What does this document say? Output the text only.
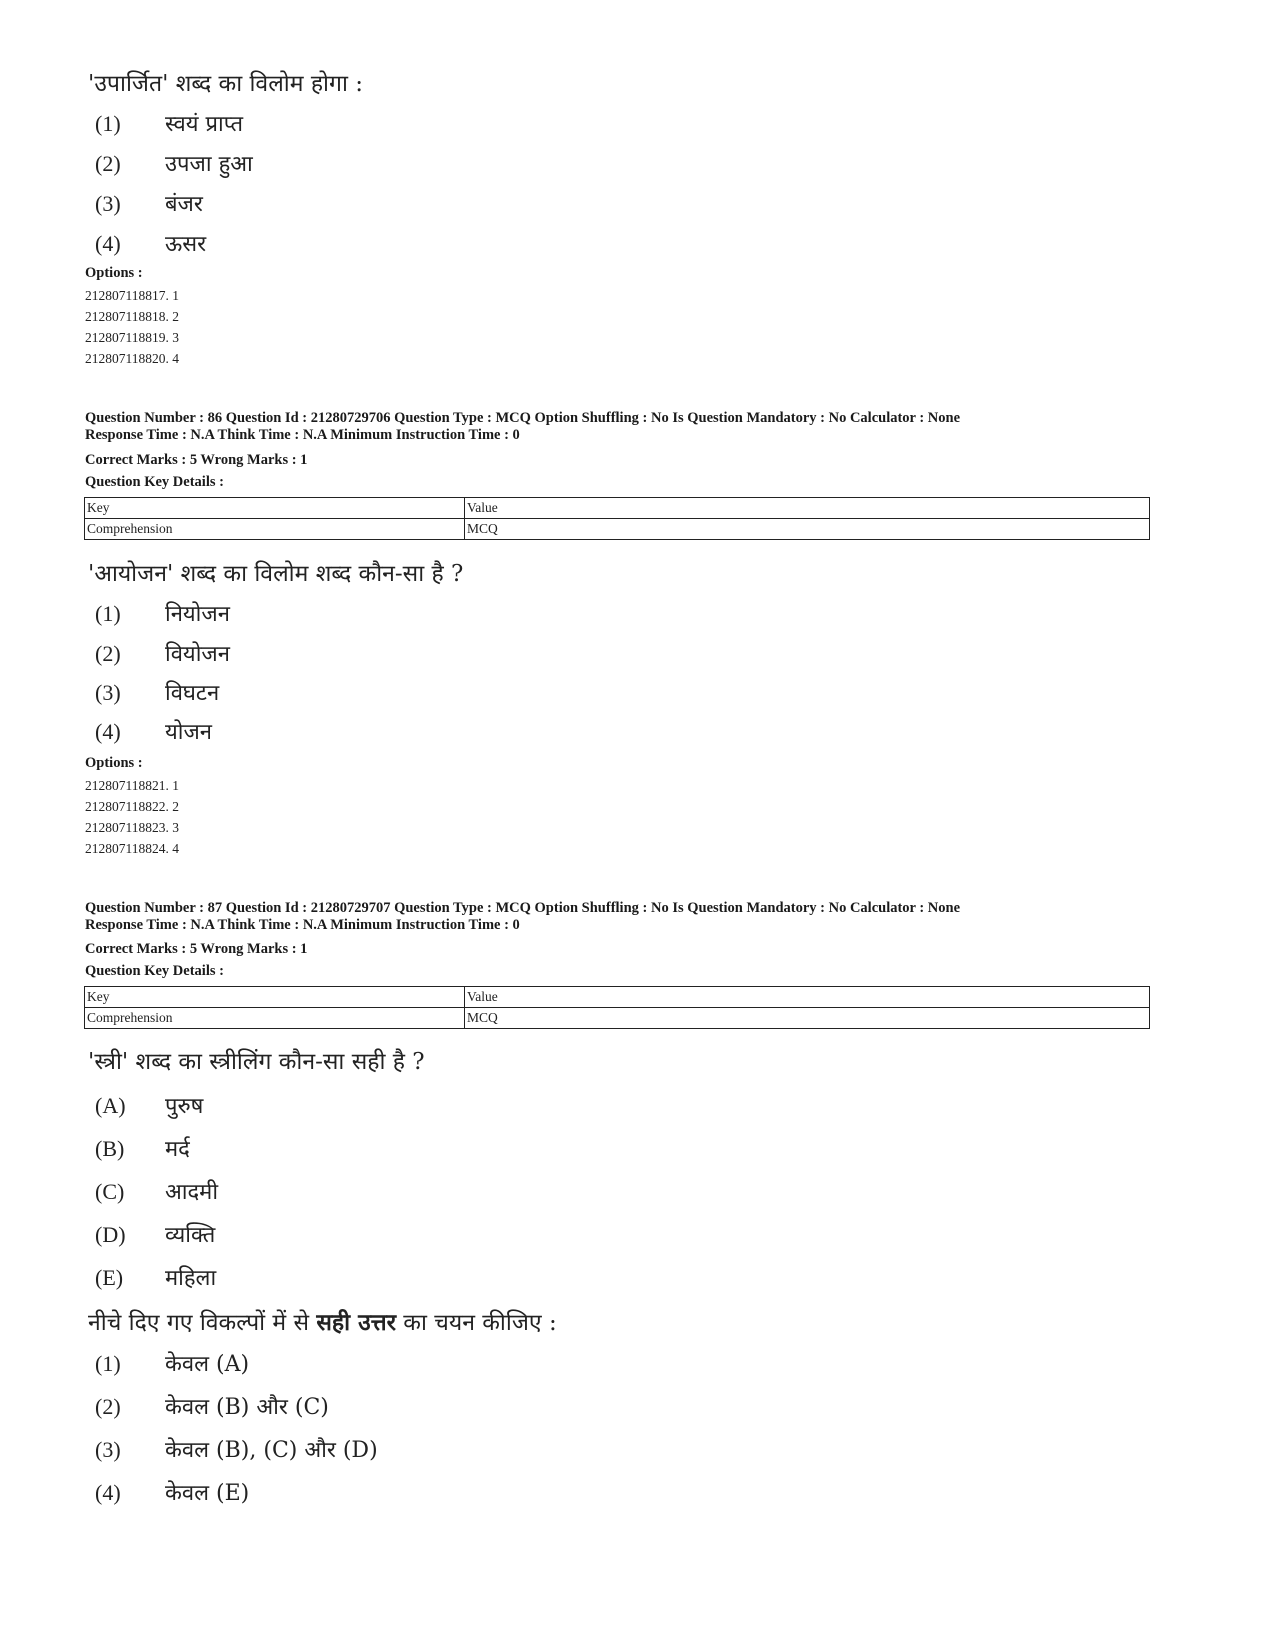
'उपार्जित' शब्द का विलोम होगा :
(1) स्वयं प्राप्त
(2) उपजा हुआ
(3) बंजर
(4) ऊसर
Options :
212807118817. 1
212807118818. 2
212807118819. 3
212807118820. 4
Question Number : 86 Question Id : 21280729706 Question Type : MCQ Option Shuffling : No Is Question Mandatory : No Calculator : None
Response Time : N.A Think Time : N.A Minimum Instruction Time : 0
Correct Marks : 5 Wrong Marks : 1
Question Key Details :
Key	Value
Comprehension	MCQ
'आयोजन' शब्द का विलोम शब्द कौन-सा है ?
(1) नियोजन
(2) वियोजन
(3) विघटन
(4) योजन
Options :
212807118821. 1
212807118822. 2
212807118823. 3
212807118824. 4
Question Number : 87 Question Id : 21280729707 Question Type : MCQ Option Shuffling : No Is Question Mandatory : No Calculator : None
Response Time : N.A Think Time : N.A Minimum Instruction Time : 0
Correct Marks : 5 Wrong Marks : 1
Question Key Details :
Key	Value
Comprehension	MCQ
'स्त्री' शब्द का स्त्रीलिंग कौन-सा सही है ?
(A) पुरुष
(B) मर्द
(C) आदमी
(D) व्यक्ति
(E) महिला
नीचे दिए गए विकल्पों में से सही उत्तर का चयन कीजिए :
(1) केवल (A)
(2) केवल (B) और (C)
(3) केवल (B), (C) और (D)
(4) केवल (E)
